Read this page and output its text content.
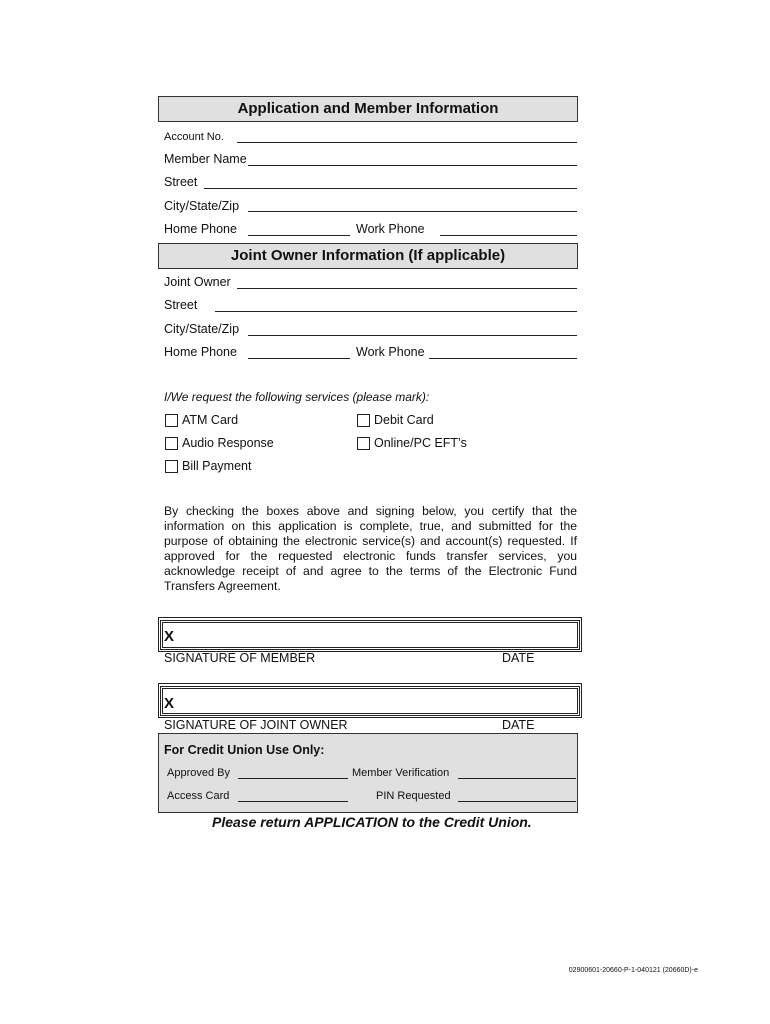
Application and Member Information
Account No.
Member Name
Street
City/State/Zip
Home Phone	Work Phone
Joint Owner Information (If applicable)
Joint Owner
Street
City/State/Zip
Home Phone	Work Phone
I/We request the following services (please mark):
ATM Card	Debit Card
Audio Response	Online/PC EFT’s
Bill Payment
By checking the boxes above and signing below, you certify that the information on this application is complete, true, and submitted for the purpose of obtaining the electronic service(s) and account(s) requested. If approved for the requested electronic funds transfer services, you acknowledge receipt of and agree to the terms of the Electronic Fund Transfers Agreement.
X
SIGNATURE OF MEMBER	DATE
X
SIGNATURE OF JOINT OWNER	DATE
For Credit Union Use Only:
Approved By	Member Verification
Access Card	PIN Requested
Please return APPLICATION to the Credit Union.
02900601-20660-P-1-040121 (20660D)-e
